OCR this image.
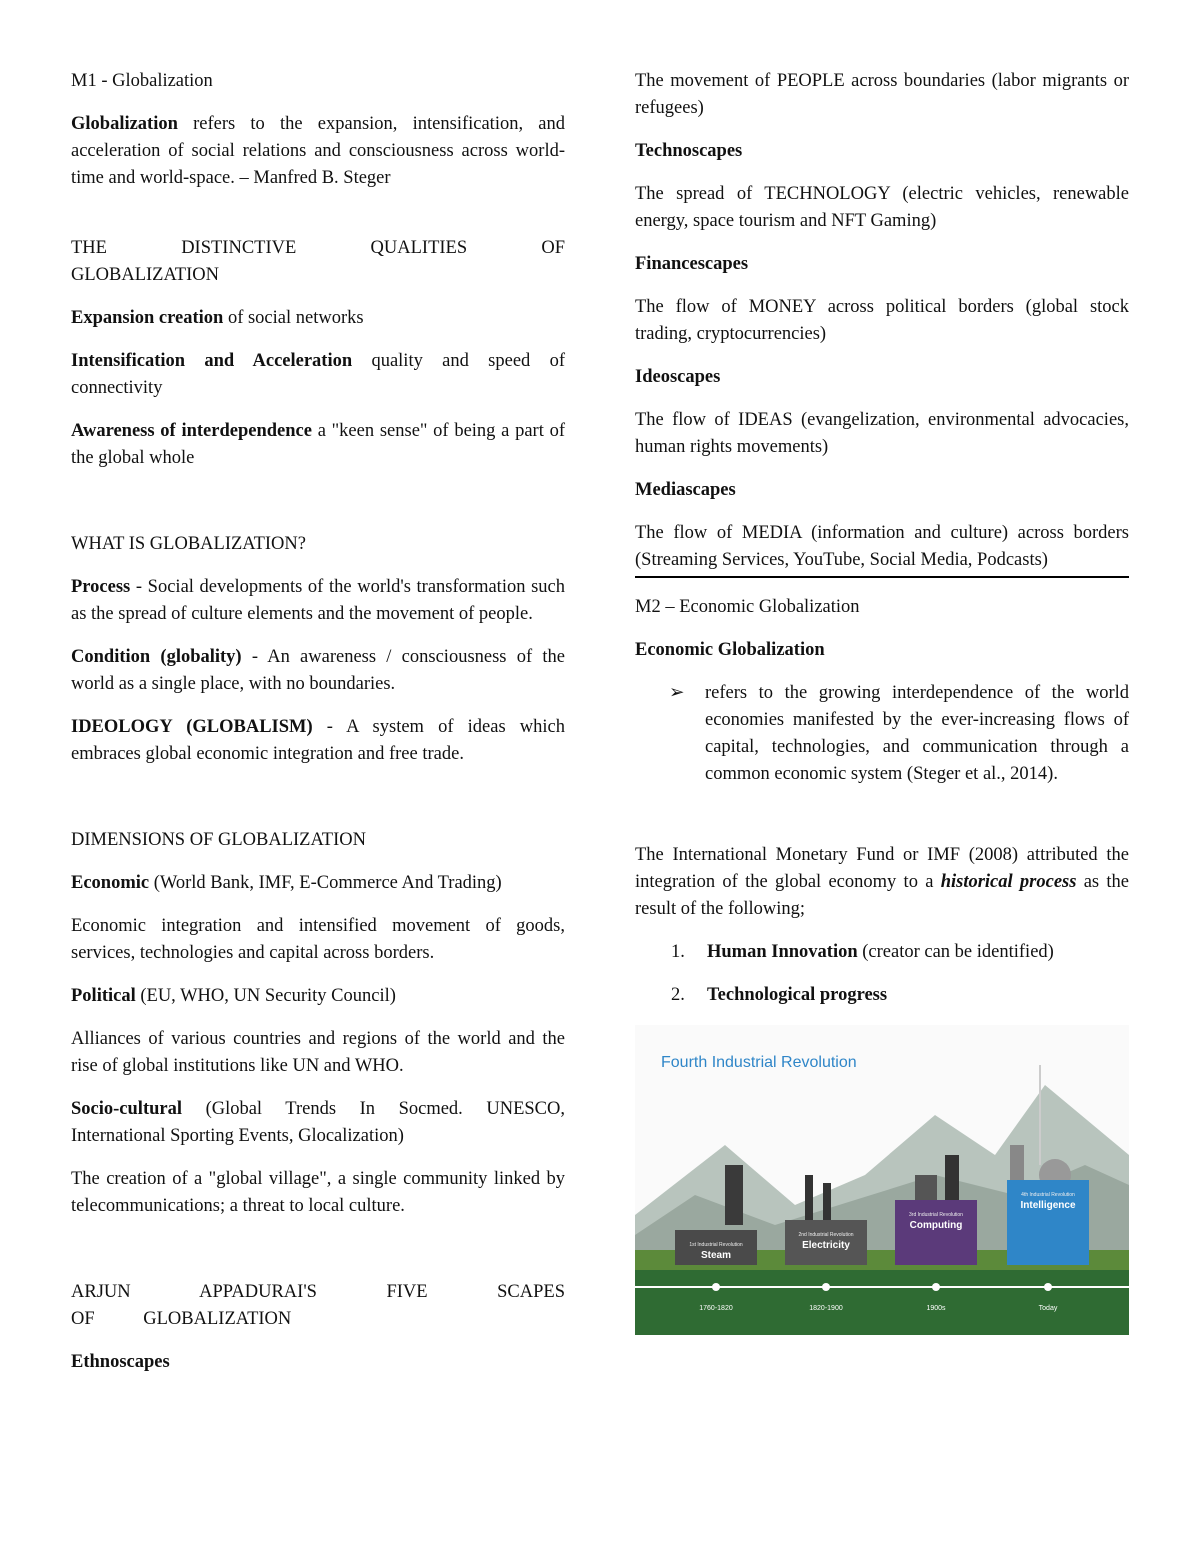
M1 - Globalization

Globalization refers to the expansion, intensification, and acceleration of social relations and consciousness across world-time and world-space. – Manfred B. Steger

THE DISTINCTIVE QUALITIES OF GLOBALIZATION

Expansion creation of social networks

Intensification and Acceleration quality and speed of connectivity

Awareness of interdependence a "keen sense" of being a part of the global whole

WHAT IS GLOBALIZATION?

Process - Social developments of the world's transformation such as the spread of culture elements and the movement of people.

Condition (globality) - An awareness / consciousness of the world as a single place, with no boundaries.

IDEOLOGY (GLOBALISM) - A system of ideas which embraces global economic integration and free trade.

DIMENSIONS OF GLOBALIZATION

Economic (World Bank, IMF, E-Commerce And Trading)

Economic integration and intensified movement of goods, services, technologies and capital across borders.

Political (EU, WHO, UN Security Council)

Alliances of various countries and regions of the world and the rise of global institutions like UN and WHO.

Socio-cultural (Global Trends In Socmed. UNESCO, International Sporting Events, Glocalization)

The creation of a "global village", a single community linked by telecommunications; a threat to local culture.

ARJUN APPADURAI'S FIVE SCAPES OF GLOBALIZATION

Ethnoscapes

The movement of PEOPLE across boundaries (labor migrants or refugees)

Technoscapes

The spread of TECHNOLOGY (electric vehicles, renewable energy, space tourism and NFT Gaming)

Financescapes

The flow of MONEY across political borders (global stock trading, cryptocurrencies)

Ideoscapes

The flow of IDEAS (evangelization, environmental advocacies, human rights movements)

Mediascapes

The flow of MEDIA (information and culture) across borders (Streaming Services, YouTube, Social Media, Podcasts)

M2 – Economic Globalization

Economic Globalization

➢	refers to the growing interdependence of the world economies manifested by the ever-increasing flows of capital, technologies, and communication through a common economic system (Steger et al., 2014).

The International Monetary Fund or IMF (2008) attributed the integration of the global economy to a historical process as the result of the following;

1.	Human Innovation (creator can be identified)
2.	Technological progress
1st Industrial Revolution
Steam
1760-1820
2nd Industrial Revolution
Electricity
1820-1900
3rd Industrial Revolution
Computing
1900s
4th Industrial Revolution
Intelligence
Today
Fourth Industrial Revolution
